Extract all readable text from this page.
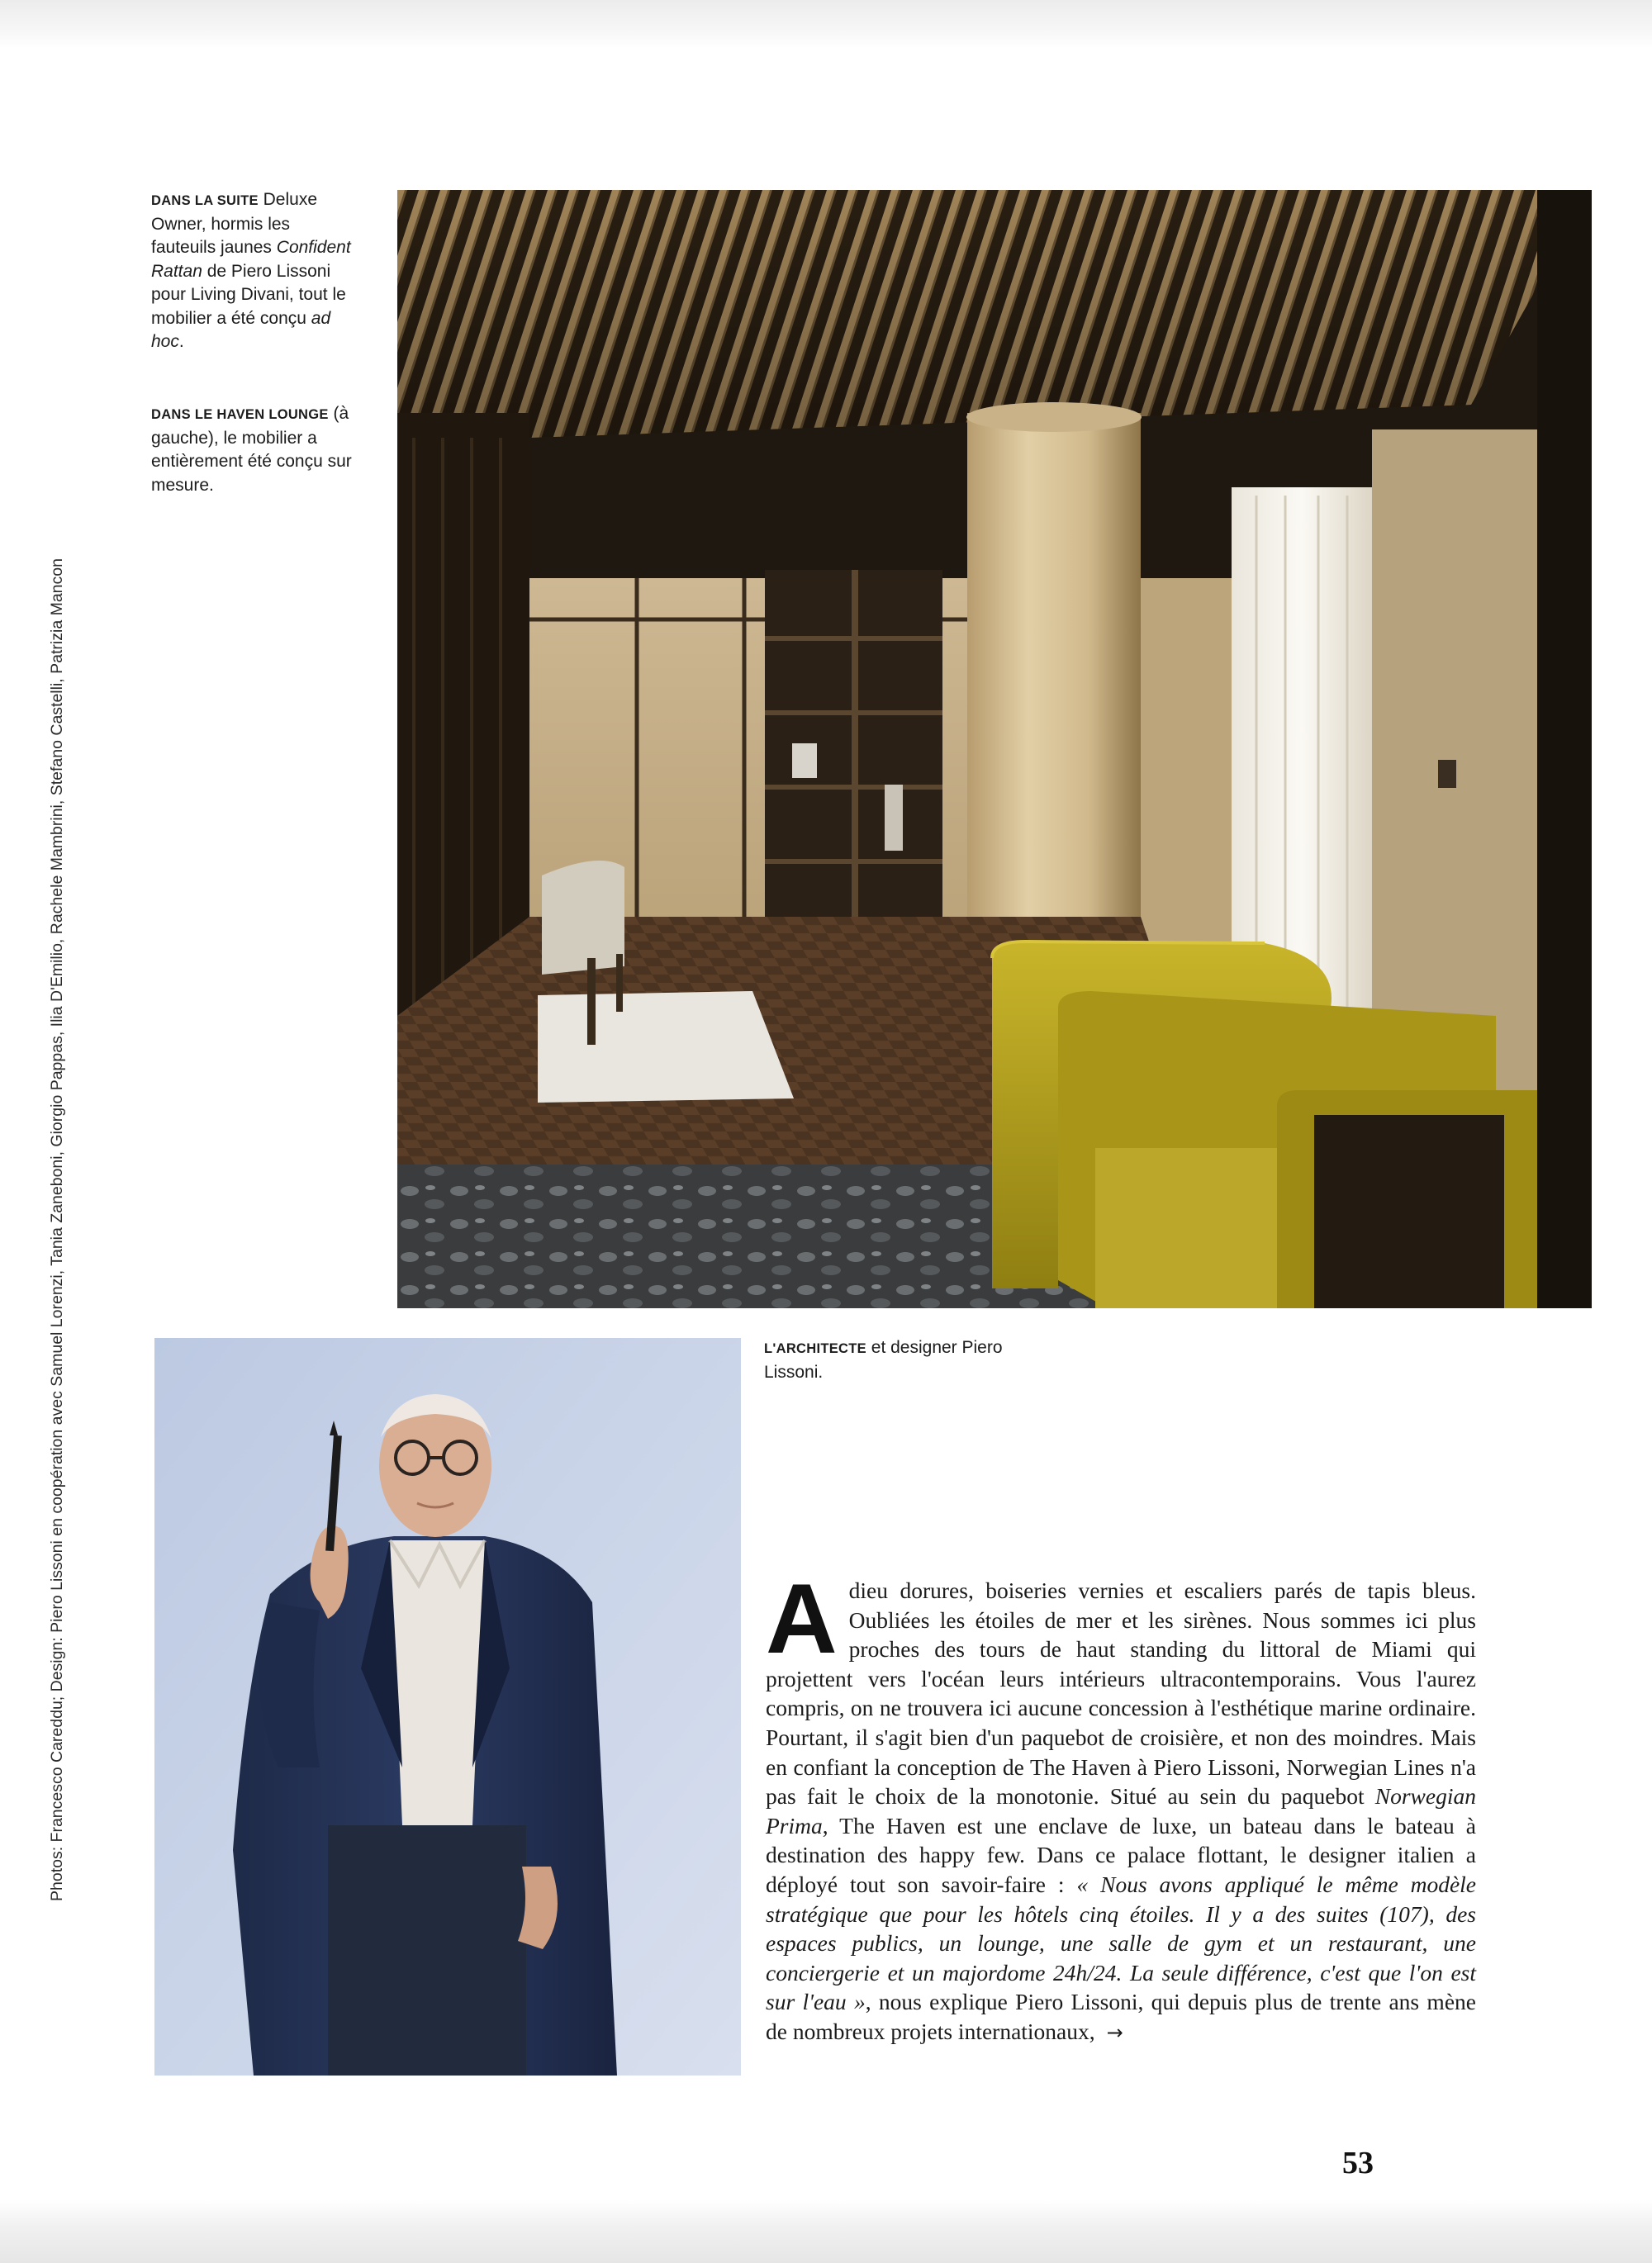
Photos: Francesco Careddu; Design: Piero Lissoni en coopération avec Samuel Lorenzi, Tania Zaneboni, Giorgio Pappas, Ilia D'Emilio, Rachele Mambrini, Stefano Castelli, Patrizia Mancon
DANS LA SUITE Deluxe Owner, hormis les fauteuils jaunes Confident Rattan de Piero Lissoni pour Living Divani, tout le mobilier a été conçu ad hoc.
DANS LE HAVEN LOUNGE (à gauche), le mobilier a entièrement été conçu sur mesure.
L'ARCHITECTE et designer Piero Lissoni.
Adieu dorures, boiseries vernies et escaliers parés de tapis bleus. Oubliées les étoiles de mer et les sirènes. Nous sommes ici plus proches des tours de haut standing du littoral de Miami qui projettent vers l'océan leurs intérieurs ultracontemporains. Vous l'aurez compris, on ne trouvera ici aucune concession à l'esthétique marine ordinaire. Pourtant, il s'agit bien d'un paquebot de croisière, et non des moindres. Mais en confiant la conception de The Haven à Piero Lissoni, Norwegian Lines n'a pas fait le choix de la monotonie. Situé au sein du paquebot Norwegian Prima, The Haven est une enclave de luxe, un bateau dans le bateau à destination des happy few. Dans ce palace flottant, le designer italien a déployé tout son savoir-faire : « Nous avons appliqué le même modèle stratégique que pour les hôtels cinq étoiles. Il y a des suites (107), des espaces publics, un lounge, une salle de gym et un restaurant, une conciergerie et un majordome 24h/24. La seule différence, c'est que l'on est sur l'eau », nous explique Piero Lissoni, qui depuis plus de trente ans mène de nombreux projets internationaux, →
53
